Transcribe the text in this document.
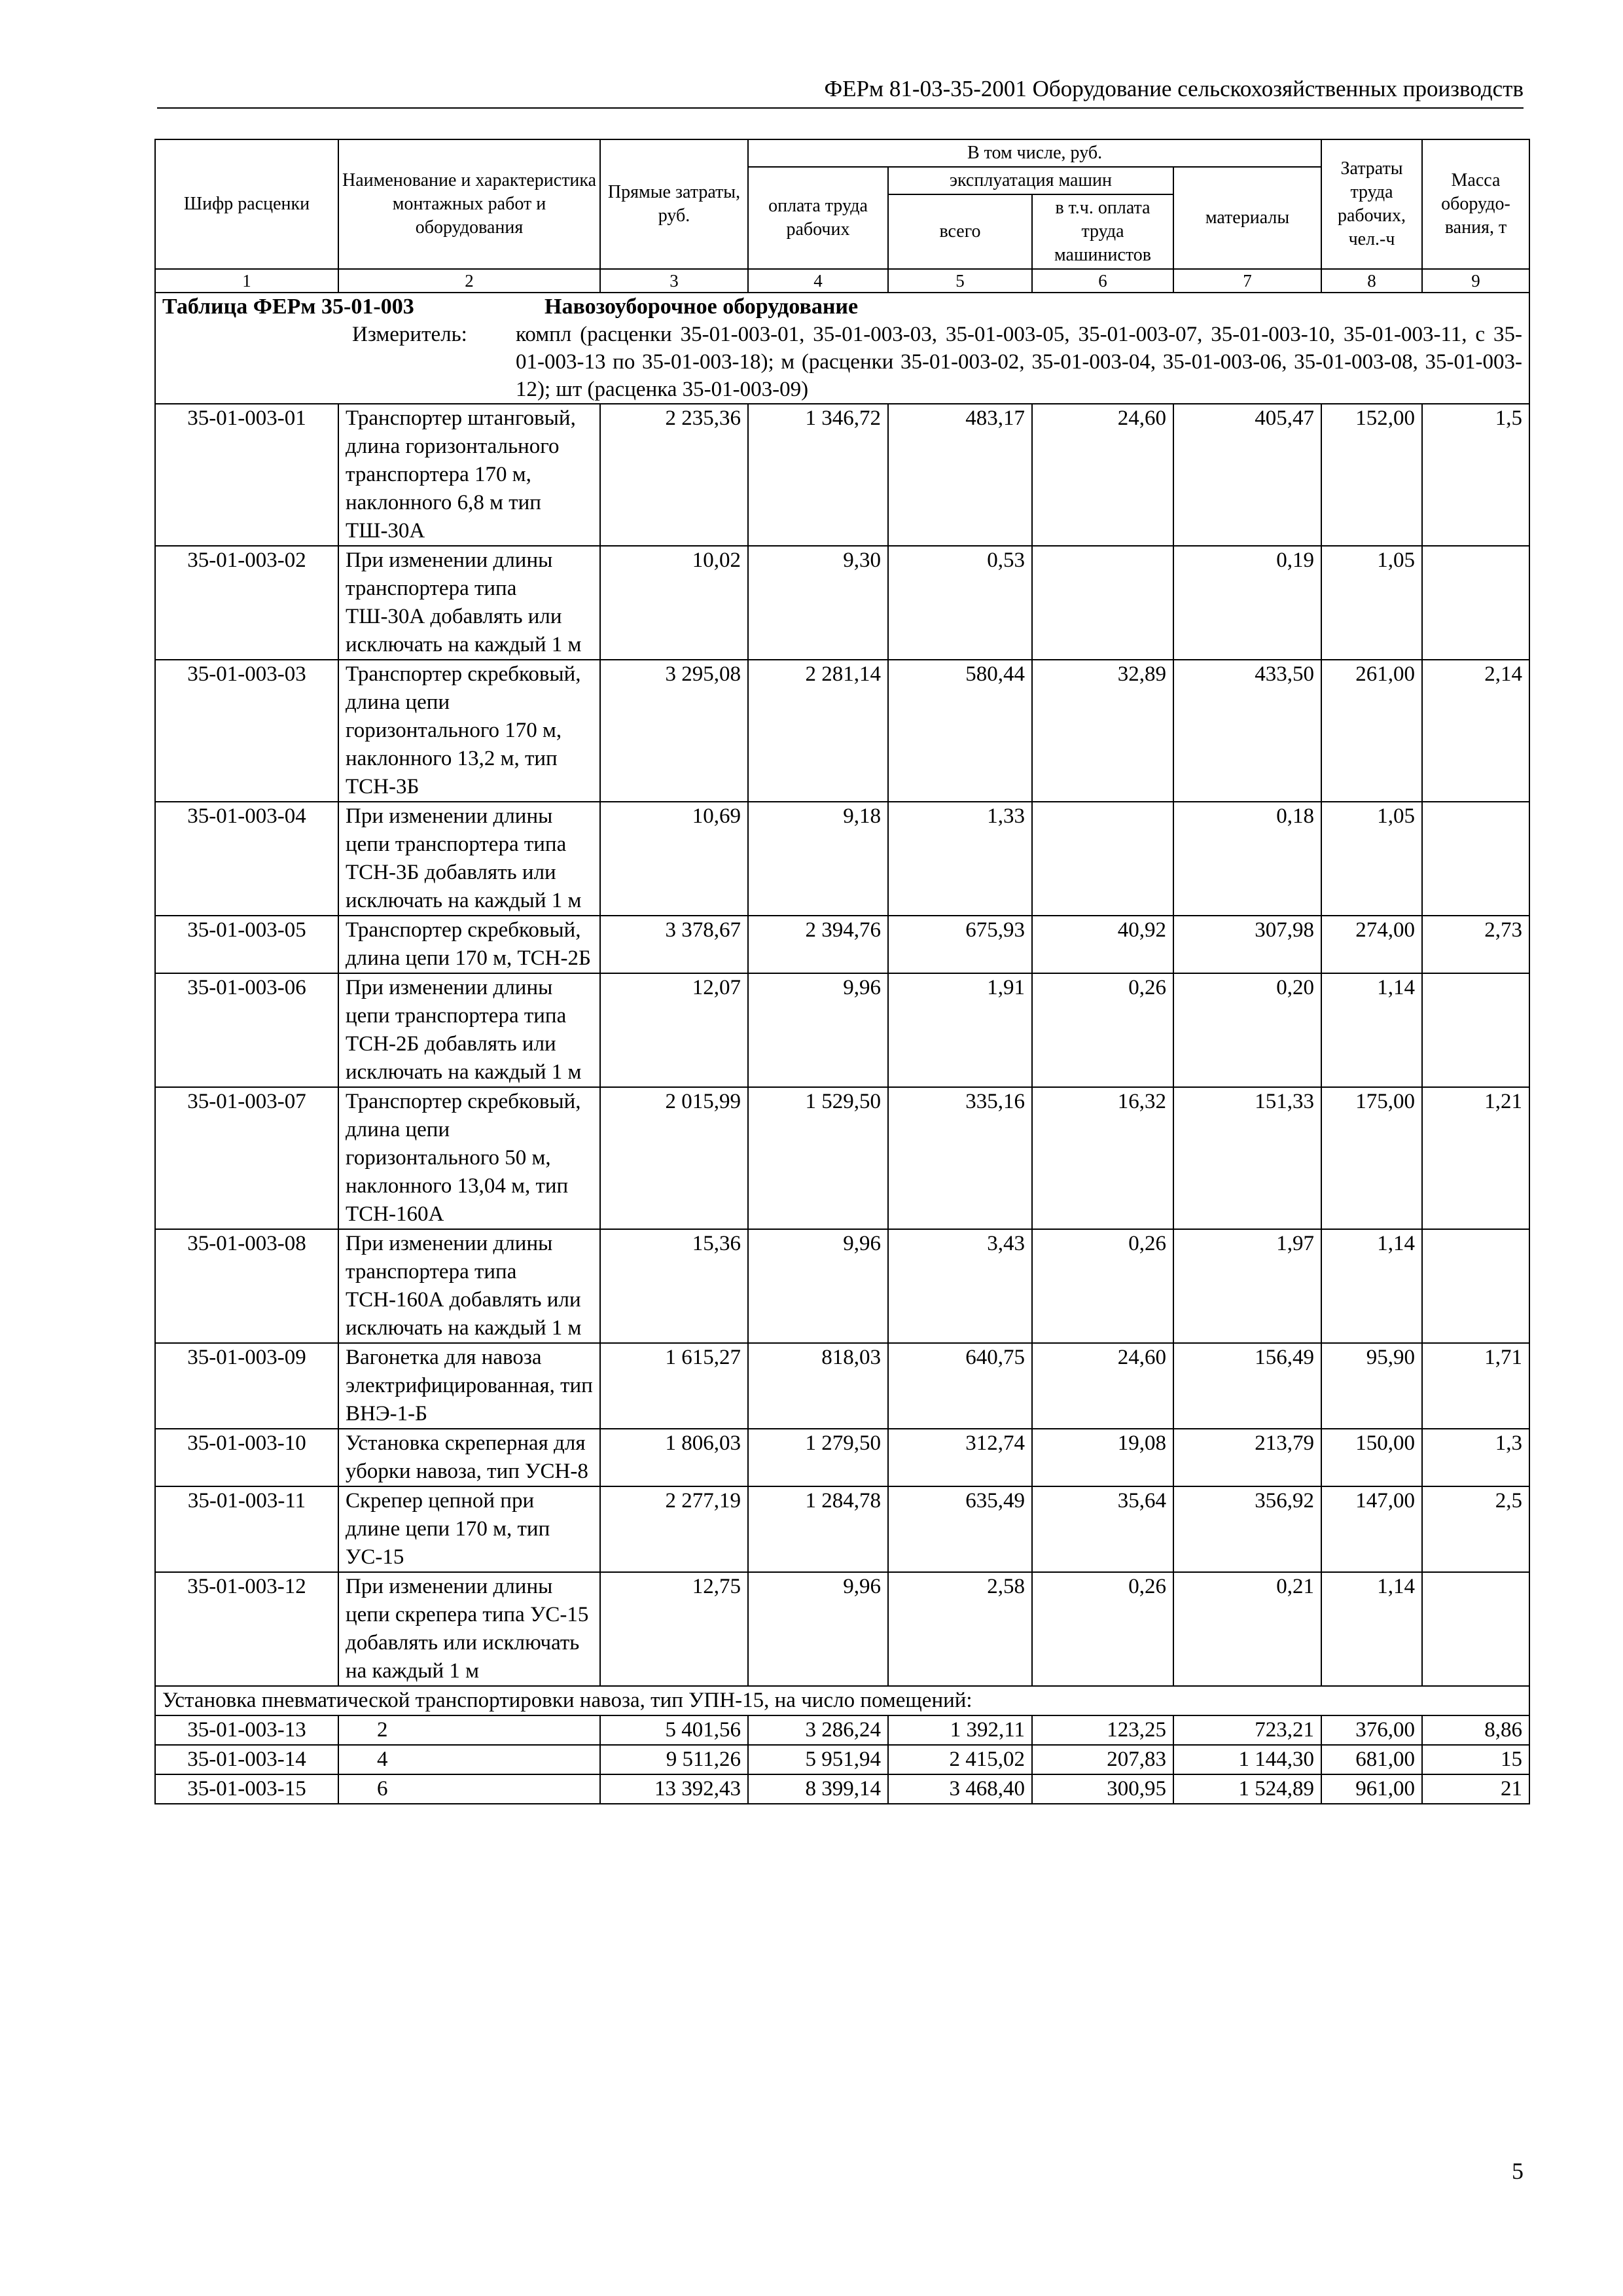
ФЕРм 81-03-35-2001 Оборудование сельскохозяйственных производств
Шифр расценки	Наименование и характеристика монтажных работ и оборудования	Прямые затраты, руб.	В том числе, руб.				Затраты труда рабочих, чел.-ч	Масса оборудо-вания, т
			оплата труда рабочих	эксплуатация машин		материалы		
				всего	в т.ч. оплата труда машинистов			
1	2	3	4	5	6	7	8	9

Таблица ФЕРм 35-01-003 Навозоуборочное оборудование
Измеритель: компл (расценки 35-01-003-01, 35-01-003-03, 35-01-003-05, 35-01-003-07, 35-01-003-10, 35-01-003-11, с 35-01-003-13 по 35-01-003-18); м (расценки 35-01-003-02, 35-01-003-04, 35-01-003-06, 35-01-003-08, 35-01-003-12); шт (расценка 35-01-003-09)								

35-01-003-01	Транспортер штанговый, длина горизонтального транспортера 170 м, наклонного 6,8 м тип ТШ-30А	2 235,36	1 346,72	483,17	24,60	405,47	152,00	1,5
35-01-003-02	При изменении длины транспортера типа ТШ-30А добавлять или исключать на каждый 1 м	10,02	9,30	0,53		0,19	1,05	
35-01-003-03	Транспортер скребковый, длина цепи горизонтального 170 м, наклонного 13,2 м, тип ТСН-3Б	3 295,08	2 281,14	580,44	32,89	433,50	261,00	2,14
35-01-003-04	При изменении длины цепи транспортера типа ТСН-3Б добавлять или исключать на каждый 1 м	10,69	9,18	1,33		0,18	1,05	
35-01-003-05	Транспортер скребковый, длина цепи 170 м, ТСН-2Б	3 378,67	2 394,76	675,93	40,92	307,98	274,00	2,73
35-01-003-06	При изменении длины цепи транспортера типа ТСН-2Б добавлять или исключать на каждый 1 м	12,07	9,96	1,91	0,26	0,20	1,14	
35-01-003-07	Транспортер скребковый, длина цепи горизонтального 50 м, наклонного 13,04 м, тип ТСН-160А	2 015,99	1 529,50	335,16	16,32	151,33	175,00	1,21
35-01-003-08	При изменении длины транспортера типа ТСН-160А добавлять или исключать на каждый 1 м	15,36	9,96	3,43	0,26	1,97	1,14	
35-01-003-09	Вагонетка для навоза электрифицированная, тип ВНЭ-1-Б	1 615,27	818,03	640,75	24,60	156,49	95,90	1,71
35-01-003-10	Установка скреперная для уборки навоза, тип УСН-8	1 806,03	1 279,50	312,74	19,08	213,79	150,00	1,3
35-01-003-11	Скрепер цепной при длине цепи 170 м, тип УС-15	2 277,19	1 284,78	635,49	35,64	356,92	147,00	2,5
35-01-003-12	При изменении длины цепи скрепера типа УС-15 добавлять или исключать на каждый 1 м	12,75	9,96	2,58	0,26	0,21	1,14	
Установка пневматической транспортировки навоза, тип УПН-15, на число помещений:								
35-01-003-13	2	5 401,56	3 286,24	1 392,11	123,25	723,21	376,00	8,86
35-01-003-14	4	9 511,26	5 951,94	2 415,02	207,83	1 144,30	681,00	15
35-01-003-15	6	13 392,43	8 399,14	3 468,40	300,95	1 524,89	961,00	21
5
